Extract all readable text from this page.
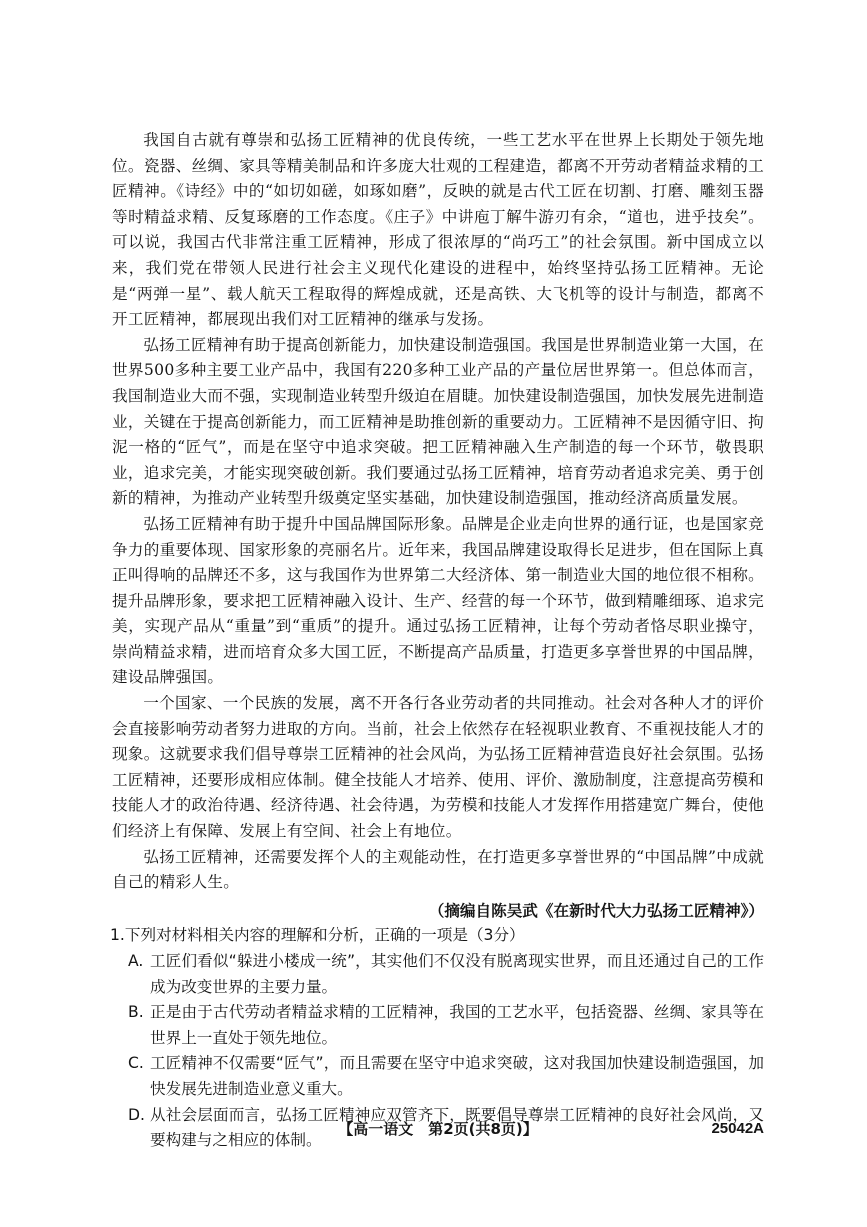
我国自古就有尊崇和弘扬工匠精神的优良传统，一些工艺水平在世界上长期处于领先地位。瓷器、丝绸、家具等精美制品和许多庞大壮观的工程建造，都离不开劳动者精益求精的工匠精神。《诗经》中的“如切如磋，如琢如磨”，反映的就是古代工匠在切割、打磨、雕刻玉器等时精益求精、反复琢磨的工作态度。《庄子》中讲庖丁解牛游刃有余，“道也，进乎技矣”。可以说，我国古代非常注重工匠精神，形成了很浓厚的“尚巧工”的社会氛围。新中国成立以来，我们党在带领人民进行社会主义现代化建设的进程中，始终坚持弘扬工匠精神。无论是“两弹一星”、载人航天工程取得的辉煌成就，还是高铁、大飞机等的设计与制造，都离不开工匠精神，都展现出我们对工匠精神的继承与发扬。

弘扬工匠精神有助于提高创新能力，加快建设制造强国。我国是世界制造业第一大国，在世界500多种主要工业产品中，我国有220多种工业产品的产量位居世界第一。但总体而言，我国制造业大而不强，实现制造业转型升级迫在眉睫。加快建设制造强国，加快发展先进制造业，关键在于提高创新能力，而工匠精神是助推创新的重要动力。工匠精神不是因循守旧、拘泥一格的“匠气”，而是在坚守中追求突破。把工匠精神融入生产制造的每一个环节，敬畏职业，追求完美，才能实现突破创新。我们要通过弘扬工匠精神，培育劳动者追求完美、勇于创新的精神，为推动产业转型升级奠定坚实基础，加快建设制造强国，推动经济高质量发展。

弘扬工匠精神有助于提升中国品牌国际形象。品牌是企业走向世界的通行证，也是国家竞争力的重要体现、国家形象的亮丽名片。近年来，我国品牌建设取得长足进步，但在国际上真正叫得响的品牌还不多，这与我国作为世界第二大经济体、第一制造业大国的地位很不相称。提升品牌形象，要求把工匠精神融入设计、生产、经营的每一个环节，做到精雕细琢、追求完美，实现产品从“重量”到“重质”的提升。通过弘扬工匠精神，让每个劳动者恪尽职业操守，崇尚精益求精，进而培育众多大国工匠，不断提高产品质量，打造更多享誉世界的中国品牌，建设品牌强国。

一个国家、一个民族的发展，离不开各行各业劳动者的共同推动。社会对各种人才的评价会直接影响劳动者努力进取的方向。当前，社会上依然存在轻视职业教育、不重视技能人才的现象。这就要求我们倡导尊崇工匠精神的社会风尚，为弘扬工匠精神营造良好社会氛围。弘扬工匠精神，还要形成相应体制。健全技能人才培养、使用、评价、激励制度，注意提高劳模和技能人才的政治待遇、经济待遇、社会待遇，为劳模和技能人才发挥作用搭建宽广舞台，使他们经济上有保障、发展上有空间、社会上有地位。

弘扬工匠精神，还需要发挥个人的主观能动性，在打造更多享誉世界的“中国品牌”中成就自己的精彩人生。

（摘编自陈吴武《在新时代大力弘扬工匠精神》）

1.下列对材料相关内容的理解和分析，正确的一项是（3分）

A. 工匠们看似“躲进小楼成一统”，其实他们不仅没有脱离现实世界，而且还通过自己的工作成为改变世界的主要力量。
B. 正是由于古代劳动者精益求精的工匠精神，我国的工艺水平，包括瓷器、丝绸、家具等在世界上一直处于领先地位。
C. 工匠精神不仅需要“匠气”，而且需要在坚守中追求突破，这对我国加快建设制造强国，加快发展先进制造业意义重大。
D. 从社会层面而言，弘扬工匠精神应双管齐下，既要倡导尊崇工匠精神的良好社会风尚，又要构建与之相应的体制。
【高一语文　第2页(共8页)】	25042A
